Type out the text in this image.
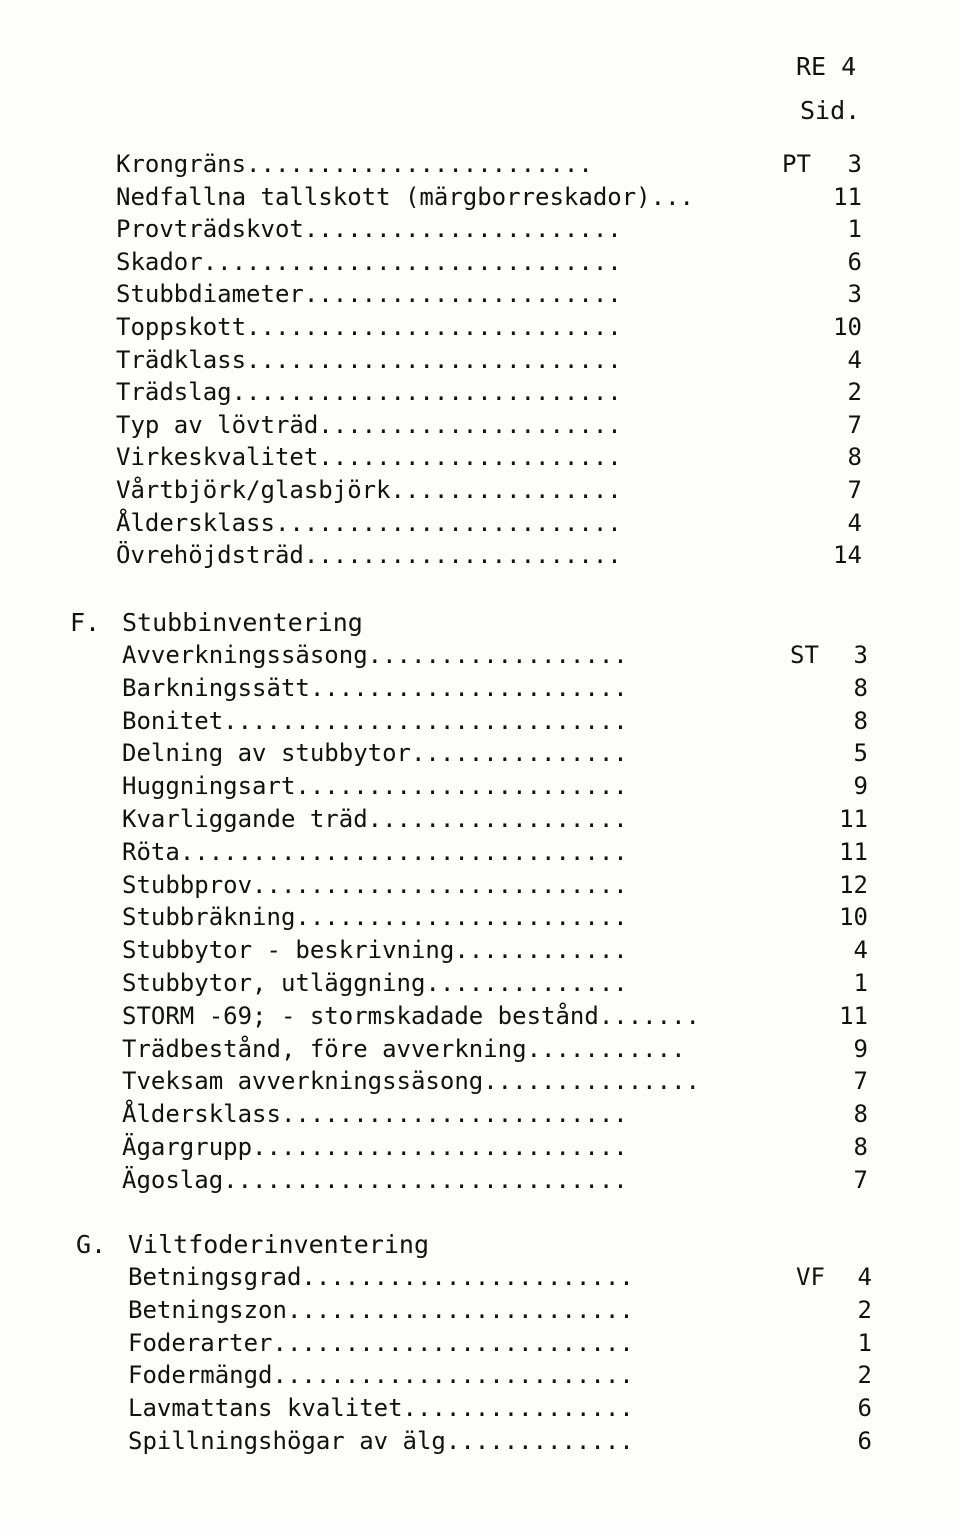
RE 4
Sid.
Krongräns........................	PT	3
Nedfallna tallskott (märgborreskador)...	11
Provträdskvot......................	1
Skador.............................	6
Stubbdiameter......................	3
Toppskott..........................	10
Trädklass..........................	4
Trädslag...........................	2
Typ av lövträd.....................	7
Virkeskvalitet.....................	8
Vårtbjörk/glasbjörk................	7
Åldersklass........................	4
Övrehöjdsträd......................	14
F. Stubbinventering
Avverkningssäsong..................	ST	3
Barkningssätt......................	8
Bonitet............................	8
Delning av stubbytor...............	5
Huggningsart.......................	9
Kvarliggande träd..................	11
Röta...............................	11
Stubbprov..........................	12
Stubbräkning.......................	10
Stubbytor - beskrivning............	4
Stubbytor, utläggning..............	1
STORM -69; - stormskadade bestånd.......	11
Trädbestånd, före avverkning...........	9
Tveksam avverkningssäsong...............	7
Åldersklass........................	8
Ägargrupp..........................	8
Ägoslag............................	7
G. Viltfoderinventering
Betningsgrad.......................	VF	4
Betningszon........................	2
Foderarter.........................	1
Fodermängd.........................	2
Lavmattans kvalitet................	6
Spillningshögar av älg.............	6
